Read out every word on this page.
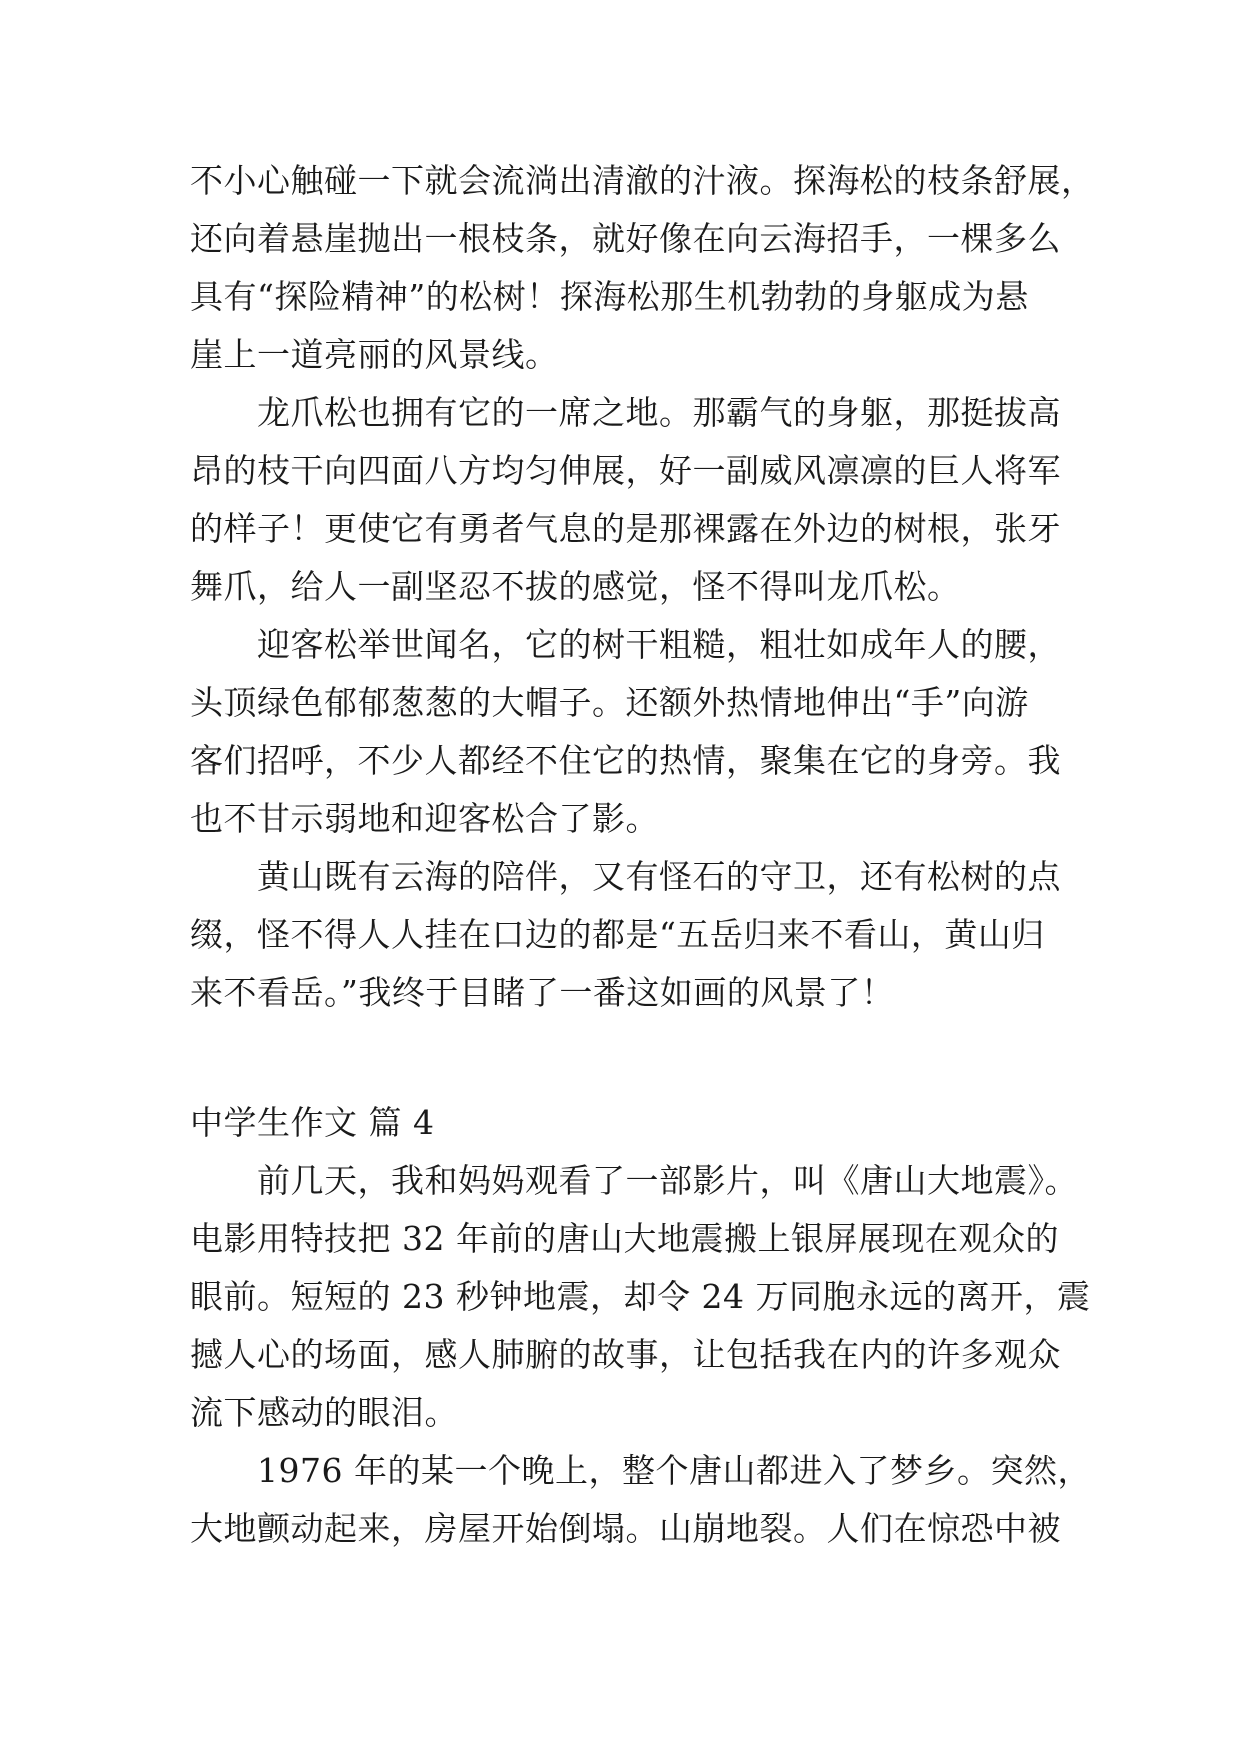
不小心触碰一下就会流淌出清澈的汁液。探海松的枝条舒展，
还向着悬崖抛出一根枝条，就好像在向云海招手，一棵多么
具有“探险精神”的松树！探海松那生机勃勃的身躯成为悬
崖上一道亮丽的风景线。
　　龙爪松也拥有它的一席之地。那霸气的身躯，那挺拔高
昂的枝干向四面八方均匀伸展，好一副威风凛凛的巨人将军
的样子！更使它有勇者气息的是那裸露在外边的树根，张牙
舞爪，给人一副坚忍不拔的感觉，怪不得叫龙爪松。
　　迎客松举世闻名，它的树干粗糙，粗壮如成年人的腰，
头顶绿色郁郁葱葱的大帽子。还额外热情地伸出“手”向游
客们招呼，不少人都经不住它的热情，聚集在它的身旁。我
也不甘示弱地和迎客松合了影。
　　黄山既有云海的陪伴，又有怪石的守卫，还有松树的点
缀，怪不得人人挂在口边的都是“五岳归来不看山，黄山归
来不看岳。”我终于目睹了一番这如画的风景了！
中学生作文 篇 4
　　前几天，我和妈妈观看了一部影片，叫《唐山大地震》。
电影用特技把 32 年前的唐山大地震搬上银屏展现在观众的
眼前。短短的 23 秒钟地震，却令 24 万同胞永远的离开，震
撼人心的场面，感人肺腑的故事，让包括我在内的许多观众
流下感动的眼泪。
　　1976 年的某一个晚上，整个唐山都进入了梦乡。突然，
大地颤动起来，房屋开始倒塌。山崩地裂。人们在惊恐中被
